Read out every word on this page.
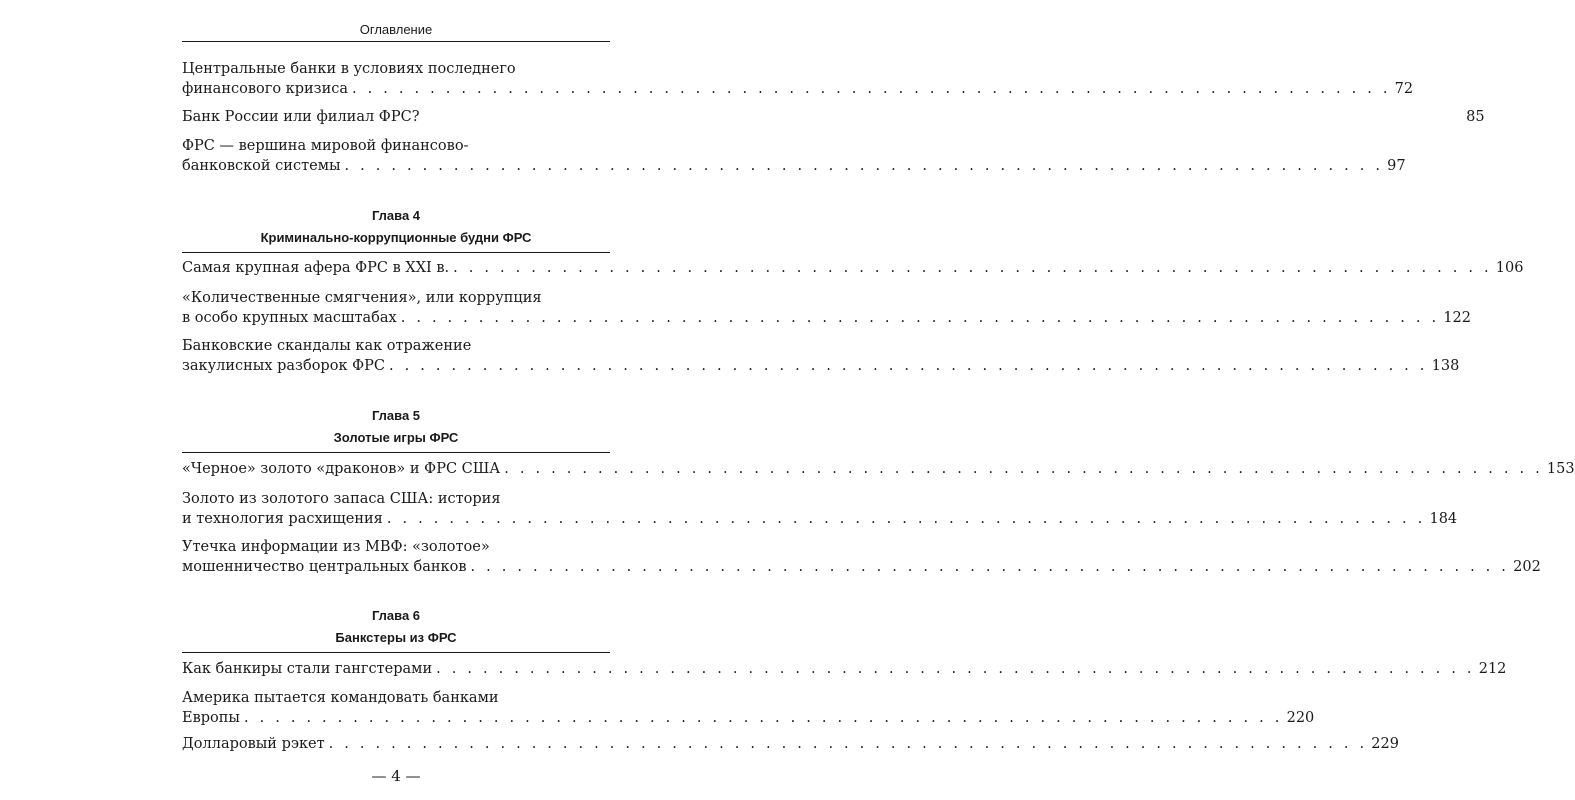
Оглавление
Центральные банки в условиях последнего
финансового кризиса . . . . . . . . . . . . . . . . . . . . . . . . . . . . . . . . . . . . . . . . . . . . . . . . . . . . . . . . . . . . . . . . . . . 72
Банк России или филиал ФРС?	85
ФРС — вершина мировой финансово-
банковской системы . . . . . . . . . . . . . . . . . . . . . . . . . . . . . . . . . . . . . . . . . . . . . . . . . . . . . . . . . . . . . . . . . . . 97
Глава 4
Криминально-коррупционные будни ФРС
Самая крупная афера ФРС в XXI в. . . . . . . . . . . . . . . . . . . . . . . . . . . . . . . . . . . . . . . . . . . . . . . . . . . . . . . . . . . . . . . . . . . . 106
«Количественные смягчения», или коррупция
в особо крупных масштабах . . . . . . . . . . . . . . . . . . . . . . . . . . . . . . . . . . . . . . . . . . . . . . . . . . . . . . . . . . . . . . . . . . . 122
Банковские скандалы как отражение
закулисных разборок ФРС . . . . . . . . . . . . . . . . . . . . . . . . . . . . . . . . . . . . . . . . . . . . . . . . . . . . . . . . . . . . . . . . . . . 138
Глава 5
Золотые игры ФРС
«Черное» золото «драконов» и ФРС США . . . . . . . . . . . . . . . . . . . . . . . . . . . . . . . . . . . . . . . . . . . . . . . . . . . . . . . . . . . . . . . . . . . 153
Золото из золотого запаса США: история
и технология расхищения . . . . . . . . . . . . . . . . . . . . . . . . . . . . . . . . . . . . . . . . . . . . . . . . . . . . . . . . . . . . . . . . . . . 184
Утечка информации из МВФ: «золотое»
мошенничество центральных банков . . . . . . . . . . . . . . . . . . . . . . . . . . . . . . . . . . . . . . . . . . . . . . . . . . . . . . . . . . . . . . . . . . . 202
Глава 6
Банкстеры из ФРС
Как банкиры стали гангстерами . . . . . . . . . . . . . . . . . . . . . . . . . . . . . . . . . . . . . . . . . . . . . . . . . . . . . . . . . . . . . . . . . . . 212
Америка пытается командовать банками
Европы . . . . . . . . . . . . . . . . . . . . . . . . . . . . . . . . . . . . . . . . . . . . . . . . . . . . . . . . . . . . . . . . . . . 220
Долларовый рэкет . . . . . . . . . . . . . . . . . . . . . . . . . . . . . . . . . . . . . . . . . . . . . . . . . . . . . . . . . . . . . . . . . . . 229
— 4 —
